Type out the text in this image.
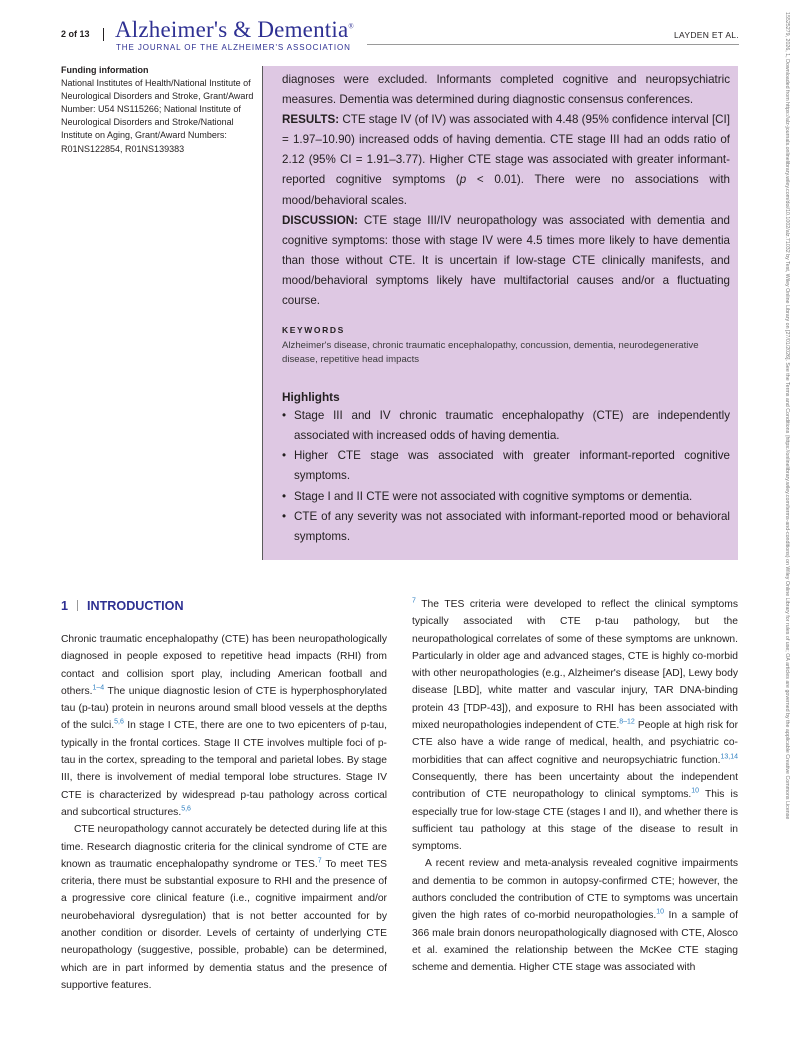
2 of 13 Alzheimer's & Dementia®
THE JOURNAL OF THE ALZHEIMER'S ASSOCIATION
LAYDEN ET AL.
Funding information
National Institutes of Health/National Institute of Neurological Disorders and Stroke, Grant/Award Number: U54 NS115266; National Institute of Neurological Disorders and Stroke/National Institute on Aging, Grant/Award Numbers: R01NS122854, R01NS139383

diagnoses were excluded. Informants completed cognitive and neuropsychiatric measures. Dementia was determined during diagnostic consensus conferences.

RESULTS: CTE stage IV (of IV) was associated with 4.48 (95% confidence interval [CI] = 1.97–10.90) increased odds of having dementia. CTE stage III had an odds ratio of 2.12 (95% CI = 1.91–3.77). Higher CTE stage was associated with greater informant-reported cognitive symptoms (p < 0.01). There were no associations with mood/behavioral scales.

DISCUSSION: CTE stage III/IV neuropathology was associated with dementia and cognitive symptoms: those with stage IV were 4.5 times more likely to have dementia than those without CTE. It is uncertain if low-stage CTE clinically manifests, and mood/behavioral symptoms likely have multifactorial causes and/or a fluctuating course.

KEYWORDS
Alzheimer's disease, chronic traumatic encephalopathy, concussion, dementia, neurodegenerative disease, repetitive head impacts
Highlights
• Stage III and IV chronic traumatic encephalopathy (CTE) are independently associated with increased odds of having dementia.
• Higher CTE stage was associated with greater informant-reported cognitive symptoms.
• Stage I and II CTE were not associated with cognitive symptoms or dementia.
• CTE of any severity was not associated with informant-reported mood or behavioral symptoms.
1 INTRODUCTION

Chronic traumatic encephalopathy (CTE) has been neuropathologically diagnosed in people exposed to repetitive head impacts (RHI) from contact and collision sport play, including American football and others.$^{1-4}$ The unique diagnostic lesion of CTE is hyperphosphorylated tau (p-tau) protein in neurons around small blood vessels at the depths of the sulci.$^{5,6}$ In stage I CTE, there are one to two epicenters of p-tau, typically in the frontal cortices. Stage II CTE involves multiple foci of p-tau in the cortex, spreading to the temporal and parietal lobes. By stage III, there is involvement of medial temporal lobe structures. Stage IV CTE is characterized by widespread p-tau pathology across cortical and subcortical structures.$^{5,6}$

CTE neuropathology cannot accurately be detected during life at this time. Research diagnostic criteria for the clinical syndrome of CTE are known as traumatic encephalopathy syndrome or TES.$^7$ To meet TES criteria, there must be substantial exposure to RHI and the presence of a progressive core clinical feature (i.e., cognitive impairment and/or neurobehavioral dysregulation) that is not better accounted for by another condition or disorder. Levels of certainty of underlying CTE neuropathology (suggestive, possible, probable) can be determined, which are in part informed by dementia status and the presence of supportive features.

$^7$ The TES criteria were developed to reflect the clinical symptoms typically associated with CTE p-tau pathology, but the neuropathological correlates of some of these symptoms are unknown. Particularly in older age and advanced stages, CTE is highly co-morbid with other neuropathologies (e.g., Alzheimer's disease [AD], Lewy body disease [LBD], white matter and vascular injury, TAR DNA-binding protein 43 [TDP-43]), and exposure to RHI has been associated with mixed neuropathologies independent of CTE.$^{8-12}$ People at high risk for CTE also have a wide range of medical, health, and psychiatric co-morbidities that can affect cognitive and neuropsychiatric function.$^{13,14}$ Consequently, there has been uncertainty about the independent contribution of CTE neuropathology to clinical symptoms.$^{10}$ This is especially true for low-stage CTE (stages I and II), and whether there is sufficient tau pathology at this stage of the disease to result in symptoms.

A recent review and meta-analysis revealed cognitive impairments and dementia to be common in autopsy-confirmed CTE; however, the authors concluded the contribution of CTE to symptoms was uncertain given the high rates of co-morbid neuropathologies.$^{10}$ In a sample of 366 male brain donors neuropathologically diagnosed with CTE, Alosco et al. examined the relationship between the McKee CTE staging scheme and dementia. Higher CTE stage was associated with

15525279, 2026, 1, Downloaded from https://alz-journals.onlinelibrary.wiley.com/doi/10.1002/alz.71032 by Test, Wiley Online Library on [27/01/2026]. See the Terms and Conditions (https://onlinelibrary.wiley.com/terms-and-conditions) on Wiley Online Library for rules of use; OA articles are governed by the applicable Creative Commons License
